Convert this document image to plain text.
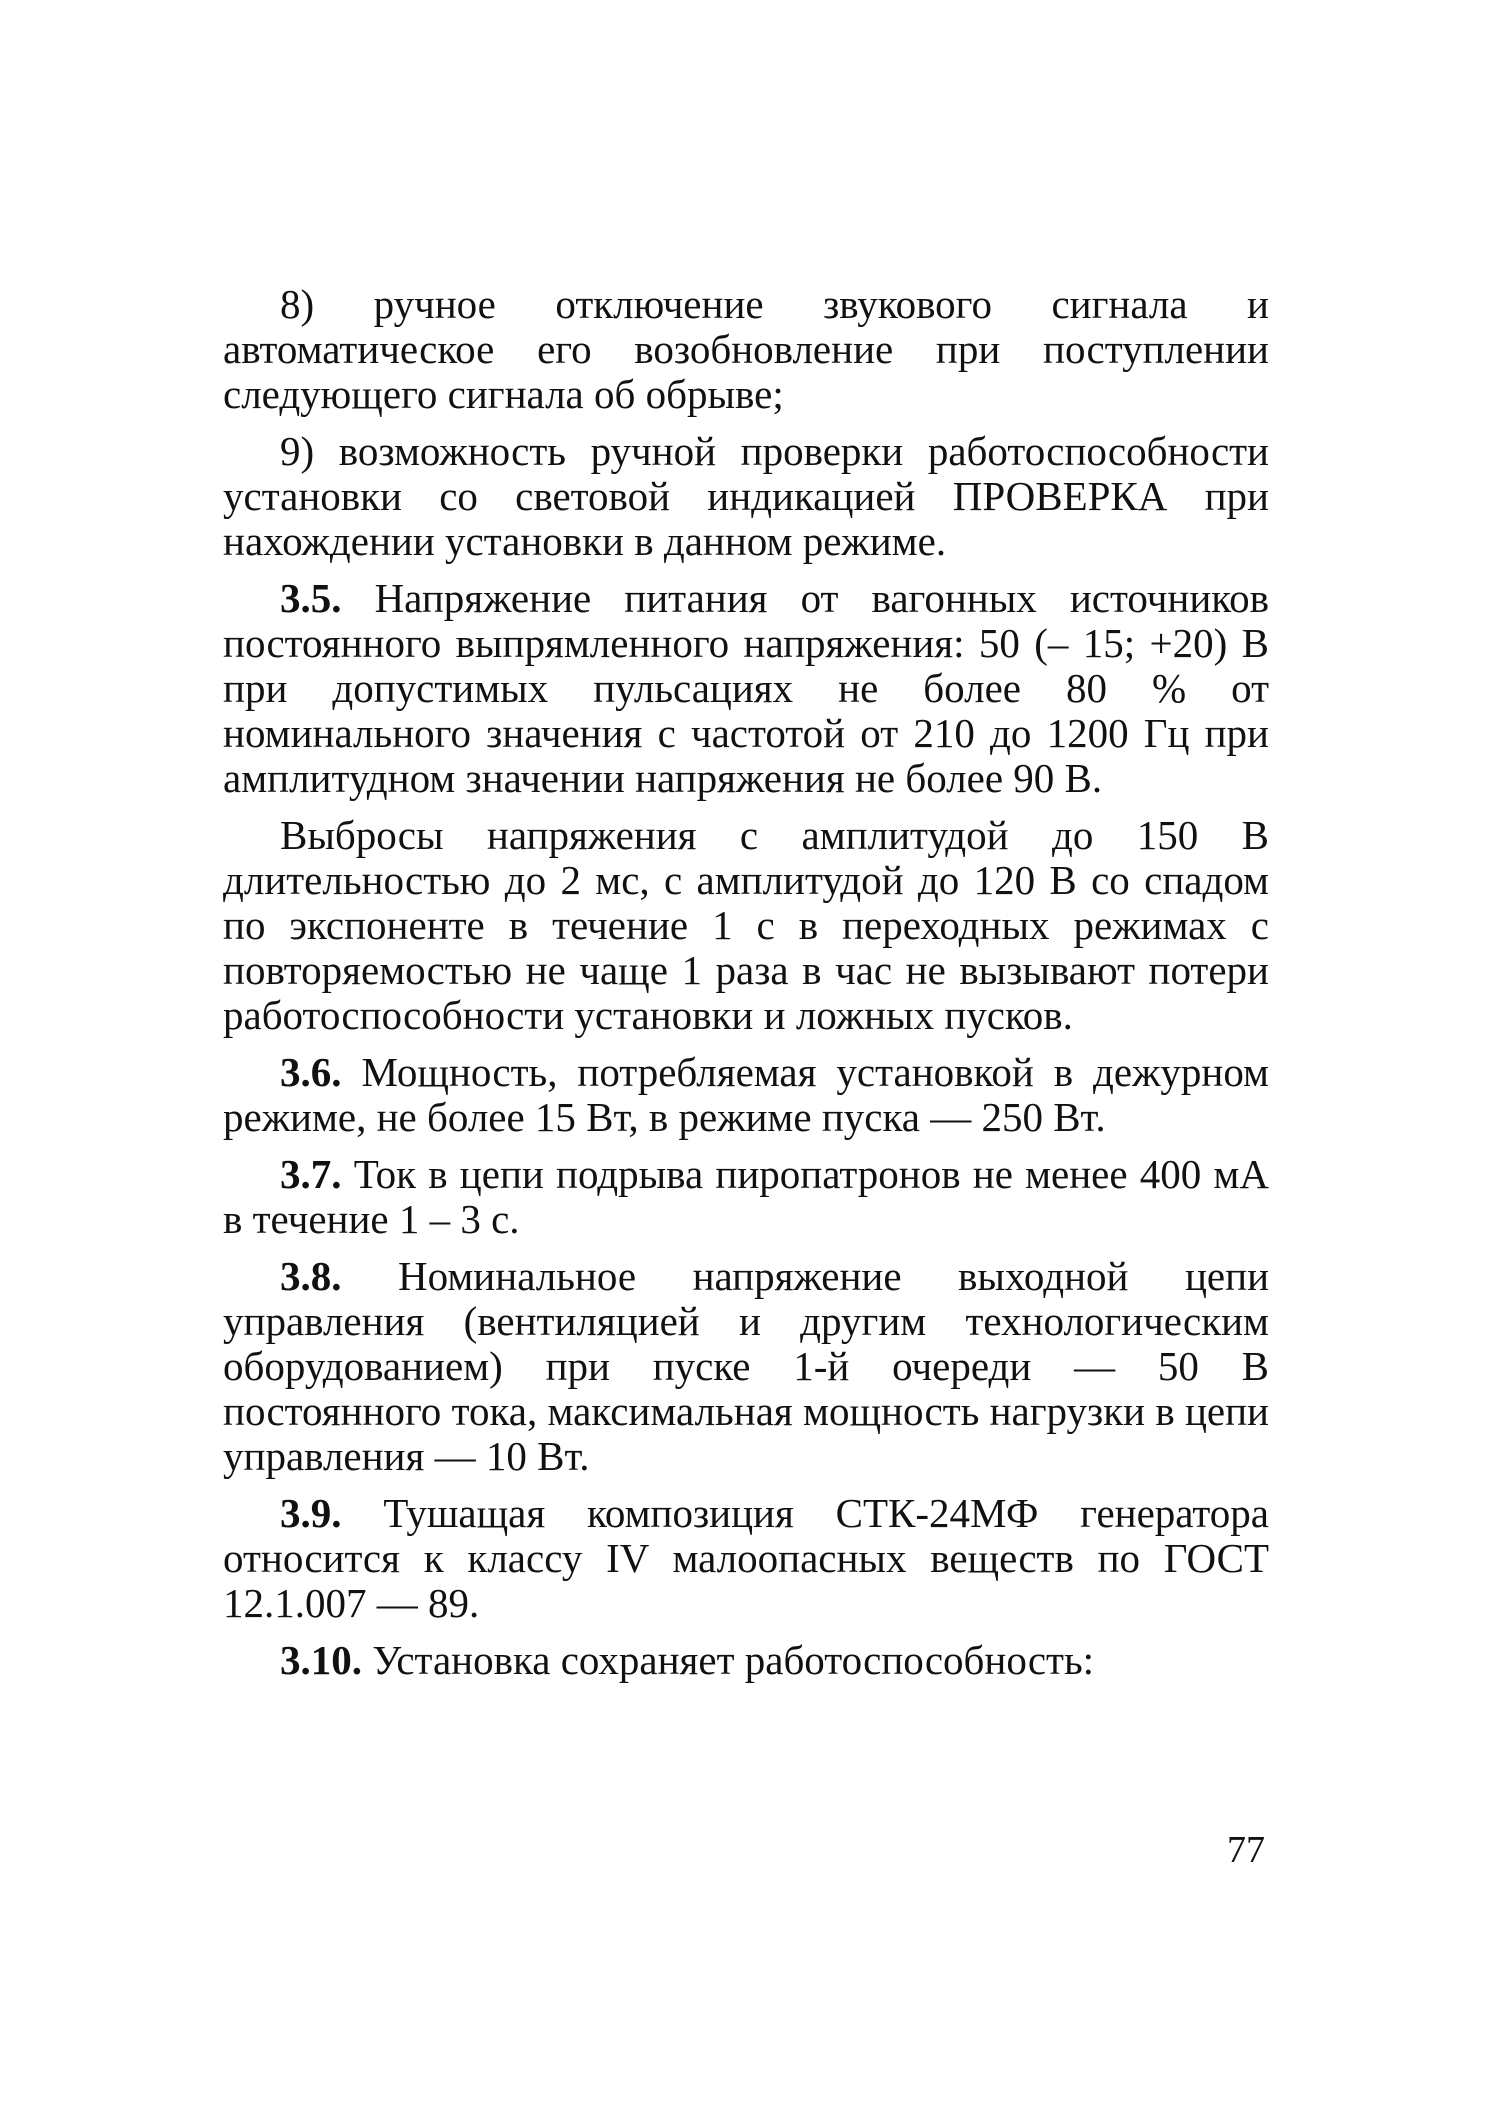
8) ручное отключение звукового сигнала и автоматическое его возобновление при поступлении следующего сигнала об обрыве;

9) возможность ручной проверки работоспособности установки со световой индикацией ПРОВЕРКА при нахождении установки в данном режиме.

3.5. Напряжение питания от вагонных источников постоянного выпрямленного напряжения: 50 (– 15; +20) В при допустимых пульсациях не более 80 % от номинального значения с частотой от 210 до 1200 Гц при амплитудном значении напряжения не более 90 В.

Выбросы напряжения с амплитудой до 150 В длительностью до 2 мс, с амплитудой до 120 В со спадом по экспоненте в течение 1 с в переходных режимах с повторяемостью не чаще 1 раза в час не вызывают потери работоспособности установки и ложных пусков.

3.6. Мощность, потребляемая установкой в дежурном режиме, не более 15 Вт, в режиме пуска — 250 Вт.

3.7. Ток в цепи подрыва пиропатронов не менее 400 мА в течение 1 – 3 с.

3.8. Номинальное напряжение выходной цепи управления (вентиляцией и другим технологическим оборудованием) при пуске 1-й очереди — 50 В постоянного тока, максимальная мощность нагрузки в цепи управления — 10 Вт.

3.9. Тушащая композиция СТК-24МФ генератора относится к классу IV малоопасных веществ по ГОСТ 12.1.007 — 89.

3.10. Установка сохраняет работоспособность:

77
